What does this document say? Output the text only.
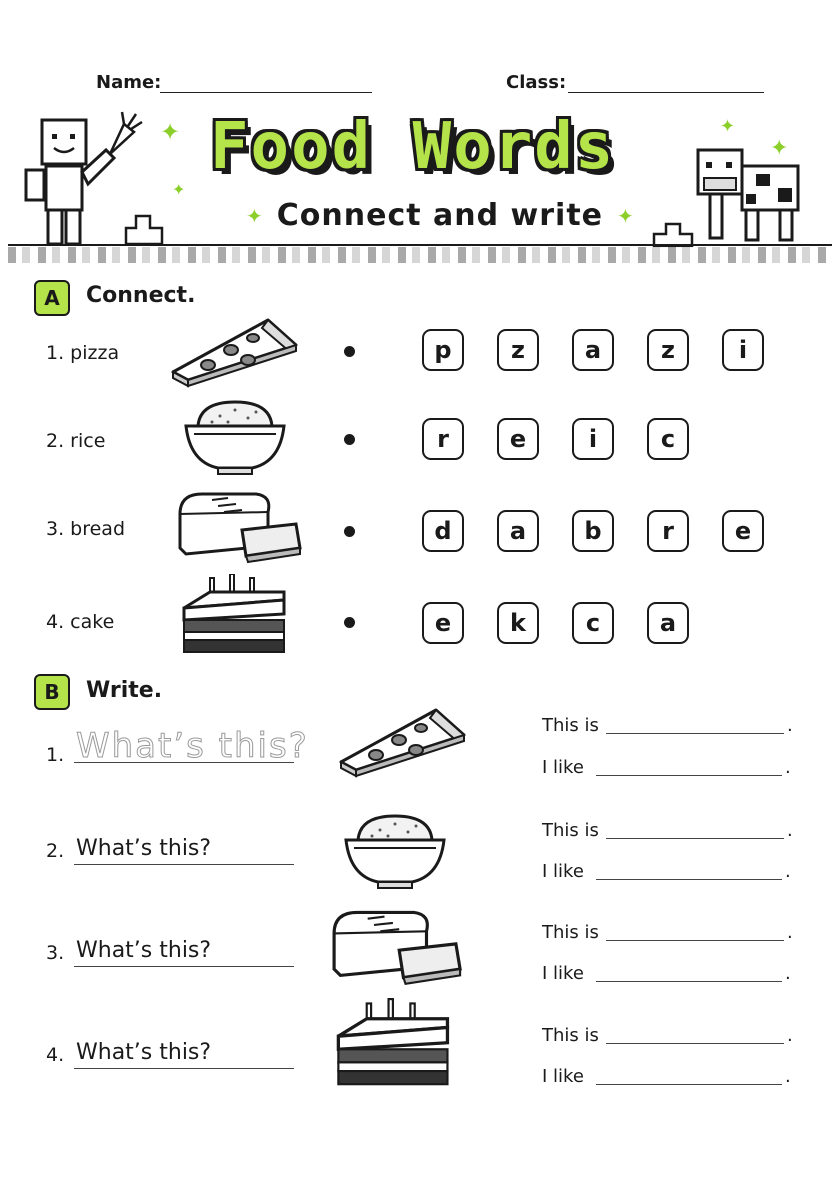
Name:	Class:
✦
✦
Food Words
✦ Connect and write ✦
✦
✦
A	Connect.
1. pizza	p	z	a	z	i
2. rice	r	e	i	c
3. bread	d	a	b	r	e
4. cake	e	k	c	a
B	Write.
1. What’s this?
This is	.
I like	.
2. What’s this?
This is	.
I like	.
3. What’s this?
This is	.
I like	.
4. What’s this?
This is	.
I like	.
